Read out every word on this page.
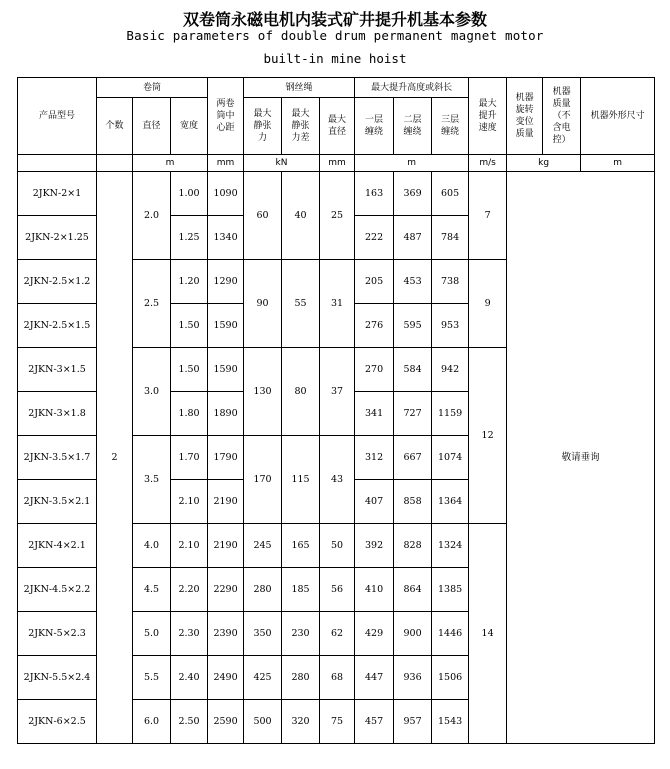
双卷筒永磁电机内装式矿井提升机基本参数
Basic parameters of double drum permanent magnet motor
built-in mine hoist
产品型号	卷筒			两卷筒中心距	钢丝绳			最大提升高度或斜长			最大提升速度	机器旋转变位质量	机器质量（不含电控）	机器外形尺寸
	个数	直径	宽度		最大静张力	最大静张力差	最大直径	一层缠绕	二层缠绕	三层缠绕				
		m		mm	kN		mm	m			m/s	kg		m
2JKN-2×1	2	2.0	1.00	1090	60	40	25	163	369	605	7	敬请垂询		
2JKN-2×1.25			1.25	1340				222	487	784				
2JKN-2.5×1.2		2.5	1.20	1290	90	55	31	205	453	738	9			
2JKN-2.5×1.5			1.50	1590				276	595	953				
2JKN-3×1.5		3.0	1.50	1590	130	80	37	270	584	942	12			
2JKN-3×1.8			1.80	1890				341	727	1159				
2JKN-3.5×1.7		3.5	1.70	1790	170	115	43	312	667	1074				
2JKN-3.5×2.1			2.10	2190				407	858	1364				
2JKN-4×2.1		4.0	2.10	2190	245	165	50	392	828	1324	14			
2JKN-4.5×2.2		4.5	2.20	2290	280	185	56	410	864	1385				
2JKN-5×2.3		5.0	2.30	2390	350	230	62	429	900	1446				
2JKN-5.5×2.4		5.5	2.40	2490	425	280	68	447	936	1506				
2JKN-6×2.5		6.0	2.50	2590	500	320	75	457	957	1543				
